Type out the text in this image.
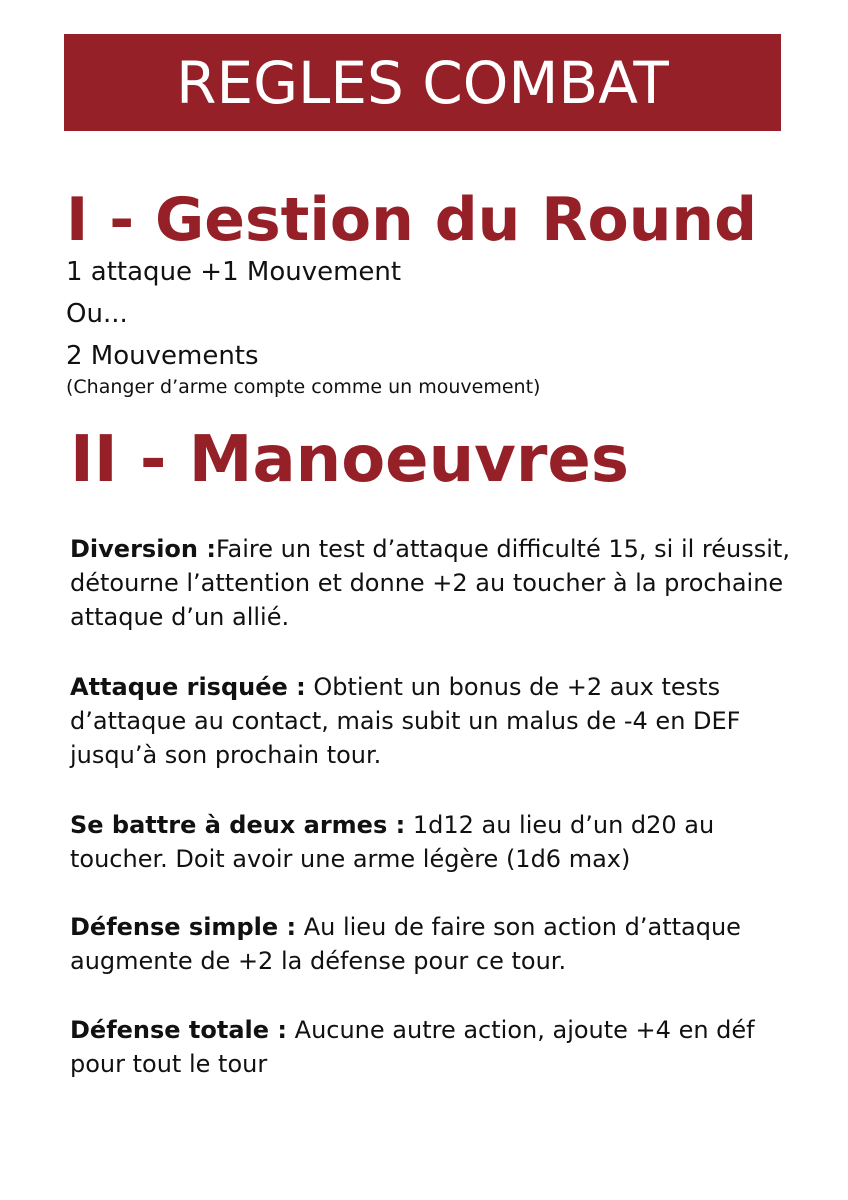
REGLES COMBAT
I - Gestion du Round
1 attaque +1 Mouvement
Ou...
2 Mouvements
(Changer d’arme compte comme un mouvement)
II - Manoeuvres
Diversion :Faire un test d’attaque difficulté 15, si il réussit, détourne l’attention et donne +2 au toucher à la prochaine attaque d’un allié.
Attaque risquée : Obtient un bonus de +2 aux tests d’attaque au contact, mais subit un malus de -4 en DEF jusqu’à son prochain tour.
Se battre à deux armes : 1d12 au lieu d’un d20 au toucher. Doit avoir une arme légère (1d6 max)
Défense simple : Au lieu de faire son action d’attaque augmente de +2 la défense pour ce tour.
Défense totale : Aucune autre action, ajoute +4 en déf pour tout le tour
